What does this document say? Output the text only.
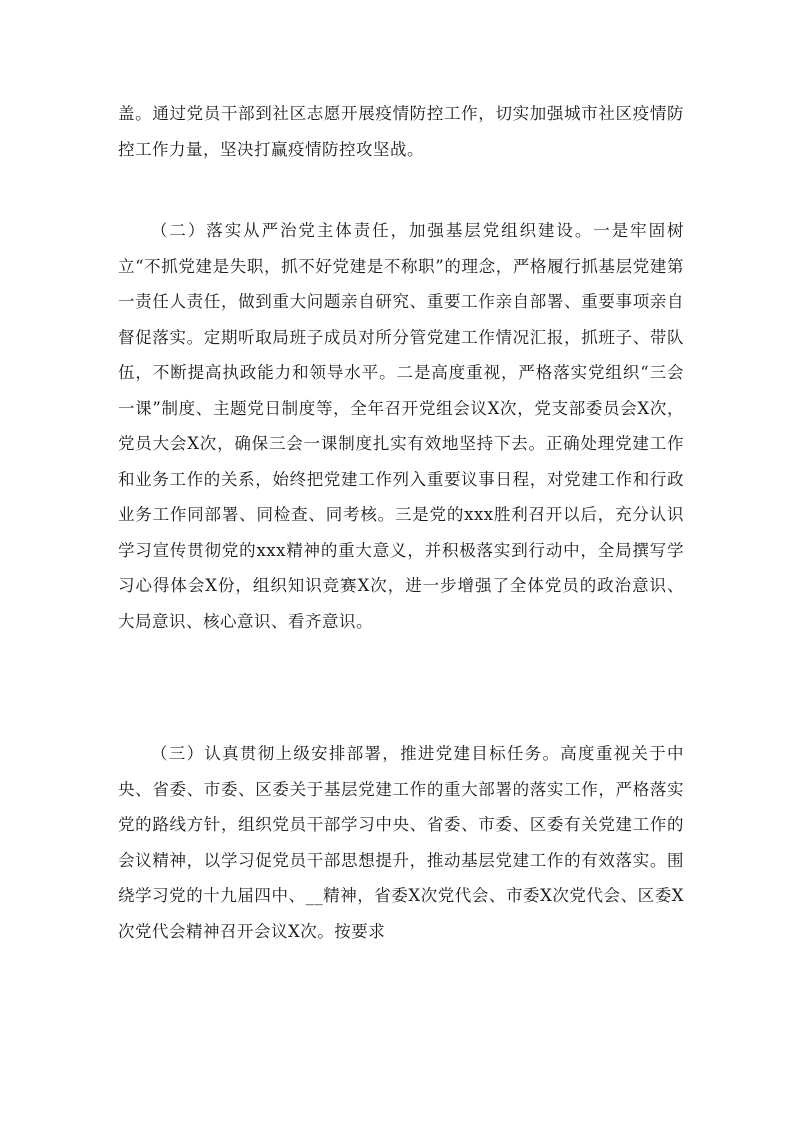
盖。通过党员干部到社区志愿开展疫情防控工作，切实加强城市社区疫情防控工作力量，坚决打赢疫情防控攻坚战。

（二）落实从严治党主体责任，加强基层党组织建设。一是牢固树立“不抓党建是失职，抓不好党建是不称职”的理念，严格履行抓基层党建第一责任人责任，做到重大问题亲自研究、重要工作亲自部署、重要事项亲自督促落实。定期听取局班子成员对所分管党建工作情况汇报，抓班子、带队伍，不断提高执政能力和领导水平。二是高度重视，严格落实党组织“三会一课”制度、主题党日制度等，全年召开党组会议X次，党支部委员会X次，党员大会X次，确保三会一课制度扎实有效地坚持下去。正确处理党建工作和业务工作的关系，始终把党建工作列入重要议事日程，对党建工作和行政业务工作同部署、同检查、同考核。三是党的xxx胜利召开以后，充分认识学习宣传贯彻党的xxx精神的重大意义，并积极落实到行动中，全局撰写学习心得体会X份，组织知识竞赛X次，进一步增强了全体党员的政治意识、大局意识、核心意识、看齐意识。

（三）认真贯彻上级安排部署，推进党建目标任务。高度重视关于中央、省委、市委、区委关于基层党建工作的重大部署的落实工作，严格落实党的路线方针，组织党员干部学习中央、省委、市委、区委有关党建工作的会议精神，以学习促党员干部思想提升，推动基层党建工作的有效落实。围绕学习党的十九届四中、__精神，省委X次党代会、市委X次党代会、区委X次党代会精神召开会议X次。按要求
